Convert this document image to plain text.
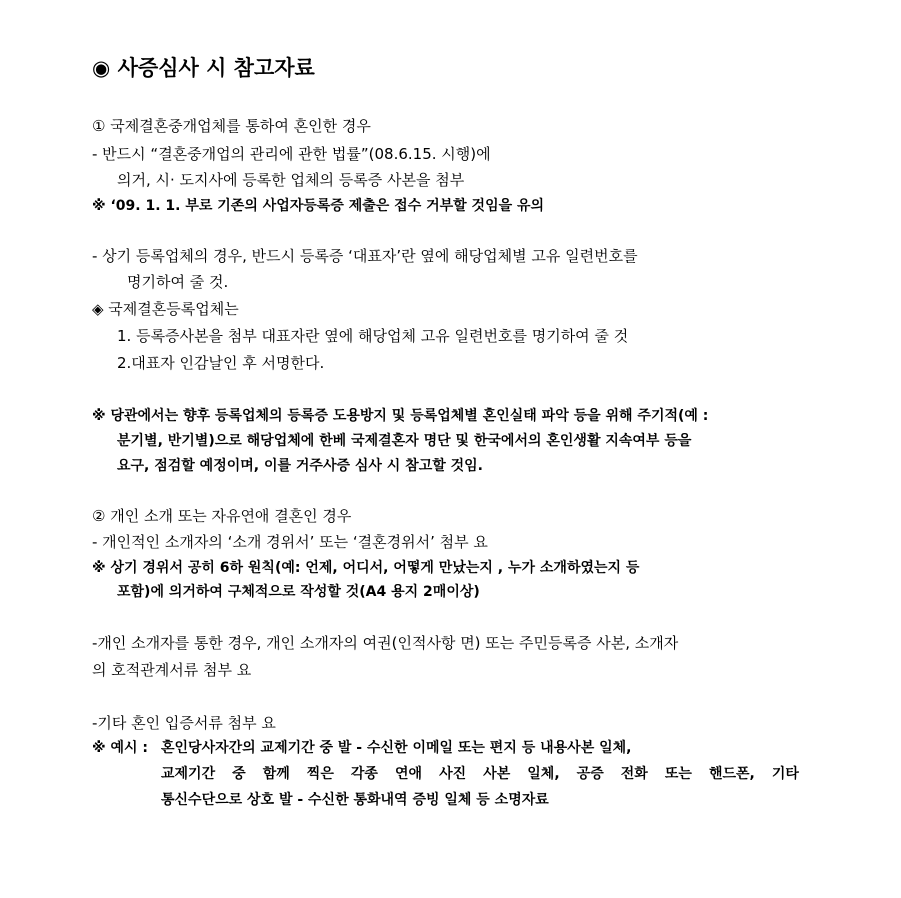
◉ 사증심사 시 참고자료
① 국제결혼중개업체를 통하여 혼인한 경우
- 반드시 “결혼중개업의 관리에 관한 법률”(08.6.15. 시행)에
의거, 시· 도지사에 등록한 업체의 등록증 사본을 첨부
※ ‘09. 1. 1. 부로 기존의 사업자등록증 제출은 접수 거부할 것임을 유의
- 상기 등록업체의 경우, 반드시 등록증 ‘대표자’란 옆에 해당업체별 고유 일련번호를
명기하여 줄 것.
◈ 국제결혼등록업체는
1. 등록증사본을 첨부 대표자란 옆에 해당업체 고유 일련번호를 명기하여 줄 것
2.대표자 인감날인 후 서명한다.
※ 당관에서는 향후 등록업체의 등록증 도용방지 및 등록업체별 혼인실태 파악 등을 위해 주기적(예 :
분기별, 반기별)으로 해당업체에 한베 국제결혼자 명단 및 한국에서의 혼인생활 지속여부 등을
요구, 점검할 예정이며, 이를 거주사증 심사 시 참고할 것임.
② 개인 소개 또는 자유연애 결혼인 경우
- 개인적인 소개자의 ‘소개 경위서’ 또는 ‘결혼경위서’ 첨부 요
※ 상기 경위서 공히 6하 원칙(예: 언제, 어디서, 어떻게 만났는지 , 누가 소개하였는지 등
포함)에 의거하여 구체적으로 작성할 것(A4 용지 2매이상)
-개인 소개자를 통한 경우, 개인 소개자의 여권(인적사항 면) 또는 주민등록증 사본, 소개자
의 호적관계서류 첨부 요
-기타 혼인 입증서류 첨부 요
※ 예시 : 혼인당사자간의 교제기간 중 발 - 수신한 이메일 또는 편지 등 내용사본 일체,
교제기간 중 함께 찍은 각종 연애 사진 사본 일체, 공증 전화 또는 핸드폰, 기타
통신수단으로 상호 발 - 수신한 통화내역 증빙 일체 등 소명자료
